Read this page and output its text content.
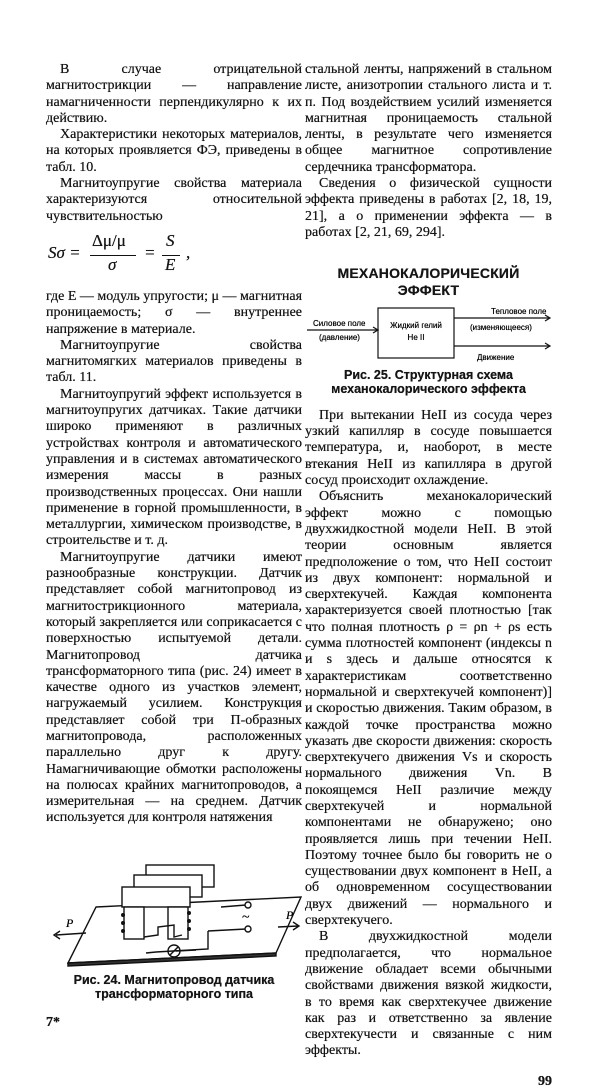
В случае отрицательной магнитострикции — направление намагниченности перпендикулярно к их действию.

Характеристики некоторых материалов, на которых проявляется ФЭ, приведены в табл. 10.

Магнитоупругие свойства материала характеризуются относительной чувствительностью

Sσ =
Δμ/μ
σ
=
S
E
,

где E — модуль упругости; μ — магнитная проницаемость; σ — внутреннее напряжение в материале.

Магнитоупругие свойства магнитомягких материалов приведены в табл. 11.

Магнитоупругий эффект используется в магнитоупругих датчиках. Такие датчики широко применяют в различных устройствах контроля и автоматического управления и в системах автоматического измерения массы в разных производственных процессах. Они нашли применение в горной промышленности, в металлургии, химическом производстве, в строительстве и т. д.

Магнитоупругие датчики имеют разнообразные конструкции. Датчик представляет собой магнитопровод из магнитострикционного материала, который закрепляется или соприкасается с поверхностью испытуемой детали. Магнитопровод датчика трансформаторного типа (рис. 24) имеет в качестве одного из участков элемент, нагружаемый усилием. Конструкция представляет собой три П-образных магнитопровода, расположенных параллельно друг к другу. Намагничивающие обмотки расположены на полюсах крайних магнитопроводов, а измерительная — на среднем. Датчик используется для контроля натяжения

P
P
~

Рис. 24. Магнитопровод датчика трансформаторного типа

7*

стальной ленты, напряжений в стальном листе, анизотропии стального листа и т. п. Под воздействием усилий изменяется магнитная проницаемость стальной ленты, в результате чего изменяется общее магнитное сопротивление сердечника трансформатора.

Сведения о физической сущности эффекта приведены в работах [2, 18, 19, 21], а о применении эффекта — в работах [2, 21, 69, 294].

МЕХАНОКАЛОРИЧЕСКИЙ ЭФФЕКТ
Силовое поле
(давление)
Жидкий гелий
He II
Тепловое поле
(изменяющееся)
Движение

Рис. 25. Структурная схема механокалорического эффекта

При вытекании HeII из сосуда через узкий капилляр в сосуде повышается температура, и, наоборот, в месте втекания HeII из капилляра в другой сосуд происходит охлаждение.

Объяснить механокалорический эффект можно с помощью двухжидкостной модели HeII. В этой теории основным является предположение о том, что HeII состоит из двух компонент: нормальной и сверхтекучей. Каждая компонента характеризуется своей плотностью [так что полная плотность ρ = ρn + ρs есть сумма плотностей компонент (индексы n и s здесь и дальше относятся к характеристикам соответственно нормальной и сверхтекучей компонент)] и скоростью движения. Таким образом, в каждой точке пространства можно указать две скорости движения: скорость сверхтекучего движения Vs и скорость нормального движения Vn. В покоящемся HeII различие между сверхтекучей и нормальной компонентами не обнаружено; оно проявляется лишь при течении HeII. Поэтому точнее было бы говорить не о существовании двух компонент в HeII, а об одновременном сосуществовании двух движений — нормального и сверхтекучего.

В двухжидкостной модели предполагается, что нормальное движение обладает всеми обычными свойствами движения вязкой жидкости, в то время как сверхтекучее движение как раз и ответственно за явление сверхтекучести и связанные с ним эффекты.

99
